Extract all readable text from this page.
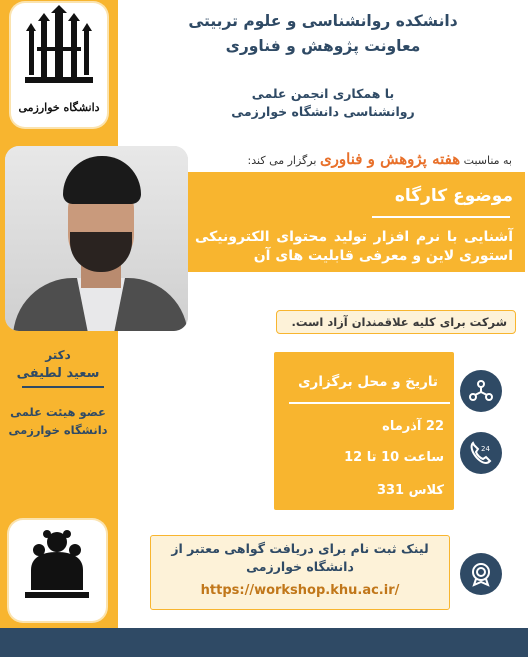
دانشگاه خوارزمی
دانشکده روانشناسی و علوم تربیتی
معاونت پژوهش و فناوری
با همکاری انجمن علمی
روانشناسی دانشگاه خوارزمی
به مناسبت هفته پژوهش و فناوری برگزار می کند:
موضوع کارگاه
آشنایی با نرم افزار تولید محتوای الکترونیکی استوری لاین و معرفی قابلیت های آن
شرکت برای کلیه علاقمندان آزاد است.
دکتر
سعید لطیفی
عضو هیئت علمی
دانشگاه خوارزمی
تاریخ و محل برگزاری
22 آذرماه
ساعت 10 تا 12
کلاس 331
24
لینک ثبت نام برای دریافت گواهی معتبر از
دانشگاه خوارزمی
https://workshop.khu.ac.ir/
